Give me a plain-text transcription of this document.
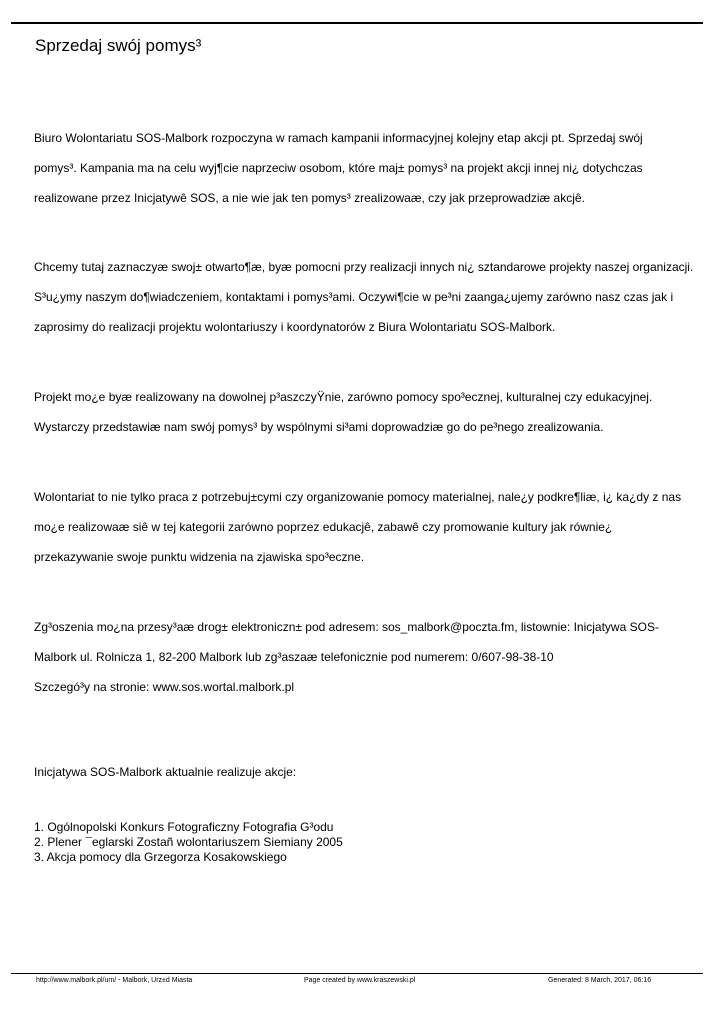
Sprzedaj swój pomys³

Biuro Wolontariatu SOS-Malbork rozpoczyna w ramach kampanii informacyjnej kolejny etap akcji pt. Sprzedaj swój

pomys³. Kampania ma na celu wyj¶cie naprzeciw osobom, które maj± pomys³ na projekt akcji innej ni¿ dotychczas

realizowane przez Inicjatywê SOS, a nie wie jak ten pomys³ zrealizowaæ, czy jak przeprowadziæ akcjê.

Chcemy tutaj zaznaczyæ swoj± otwarto¶æ, byæ pomocni przy realizacji innych ni¿ sztandarowe projekty naszej organizacji.

S³u¿ymy naszym do¶wiadczeniem, kontaktami i pomys³ami. Oczywi¶cie w pe³ni zaanga¿ujemy zarówno nasz czas jak i

zaprosimy do realizacji projektu wolontariuszy i koordynatorów z Biura Wolontariatu SOS-Malbork.

Projekt mo¿e byæ realizowany na dowolnej p³aszczyŸnie, zarówno pomocy spo³ecznej, kulturalnej czy edukacyjnej.

Wystarczy przedstawiæ nam swój pomys³ by wspólnymi si³ami doprowadziæ go do pe³nego zrealizowania.

Wolontariat to nie tylko praca z potrzebuj±cymi czy organizowanie pomocy materialnej, nale¿y podkre¶liæ, i¿ ka¿dy z nas

mo¿e realizowaæ siê w tej kategorii zarówno poprzez edukacjê, zabawê czy promowanie kultury jak równie¿

przekazywanie swoje punktu widzenia na zjawiska spo³eczne.

Zg³oszenia mo¿na przesy³aæ drog± elektroniczn± pod adresem: sos_malbork@poczta.fm, listownie: Inicjatywa SOS-

Malbork ul. Rolnicza 1, 82-200 Malbork lub zg³aszaæ telefonicznie pod numerem: 0/607-98-38-10

Szczegó³y na stronie: www.sos.wortal.malbork.pl

Inicjatywa SOS-Malbork aktualnie realizuje akcje:

1. Ogólnopolski Konkurs Fotograficzny Fotografia G³odu
2. Plener ¯eglarski Zostañ wolontariuszem Siemiany 2005
3. Akcja pomocy dla Grzegorza Kosakowskiego
http://www.malbork.pl/um/ - Malbork, Urz±d Miasta	Page created by www.kraszewski.pl	Generated: 8 March, 2017, 06:16
